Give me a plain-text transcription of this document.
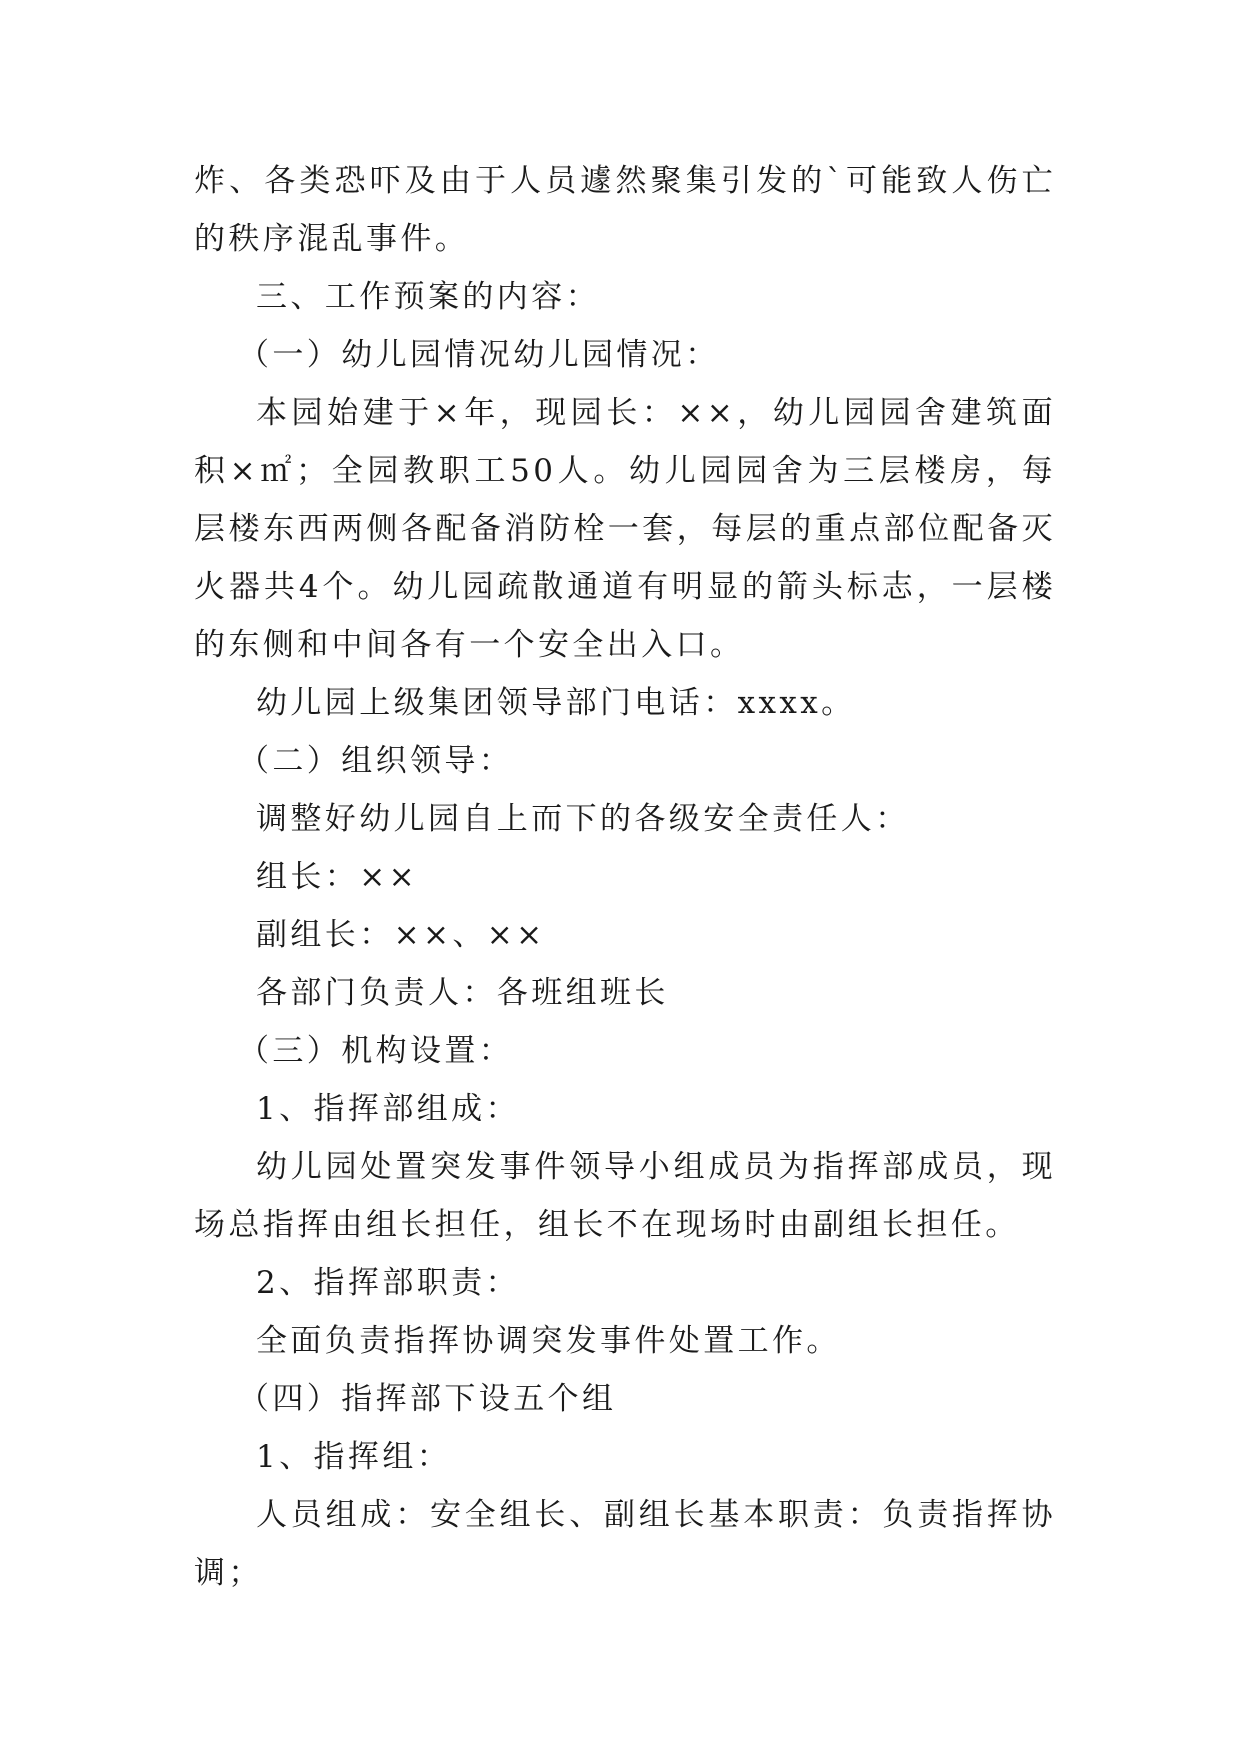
炸、各类恐吓及由于人员遽然聚集引发的`可能致人伤亡的秩序混乱事件。

三、工作预案的内容：

（一）幼儿园情况幼儿园情况：

本园始建于×年，现园长：××，幼儿园园舍建筑面积×㎡；全园教职工50人。幼儿园园舍为三层楼房，每层楼东西两侧各配备消防栓一套，每层的重点部位配备灭火器共4个。幼儿园疏散通道有明显的箭头标志，一层楼的东侧和中间各有一个安全出入口。

幼儿园上级集团领导部门电话：xxxx。

（二）组织领导：

调整好幼儿园自上而下的各级安全责任人：

组长：××

副组长：××、××

各部门负责人：各班组班长

（三）机构设置：

1、指挥部组成：

幼儿园处置突发事件领导小组成员为指挥部成员，现场总指挥由组长担任，组长不在现场时由副组长担任。

2、指挥部职责：

全面负责指挥协调突发事件处置工作。

（四）指挥部下设五个组

1、指挥组：

人员组成：安全组长、副组长基本职责：负责指挥协调；
